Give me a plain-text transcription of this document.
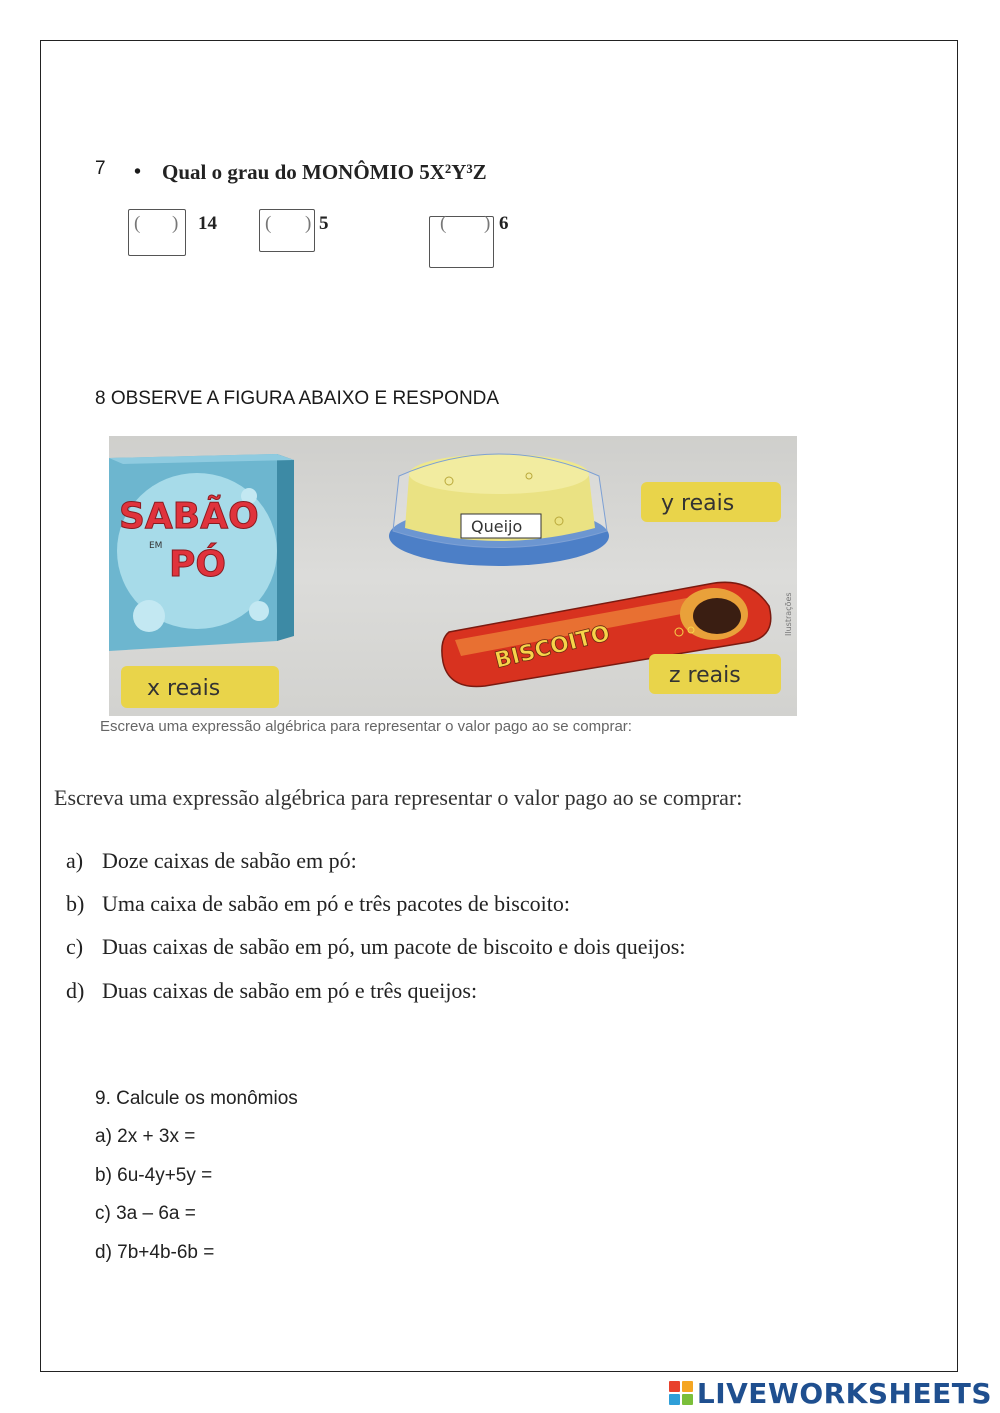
7 • Qual o grau do MONÔMIO 5X²Y³Z
( ) 14	( ) 5	( ) 6
8 OBSERVE A FIGURA ABAIXO E RESPONDA
SABÃO
EM PÓ
x reais
Queijo
y reais
BISCOITO
z reais
Ilustrações
Escreva uma expressão algébrica para representar o valor pago ao se comprar:
Escreva uma expressão algébrica para representar o valor pago ao se comprar:
a) Doze caixas de sabão em pó:
b) Uma caixa de sabão em pó e três pacotes de biscoito:
c) Duas caixas de sabão em pó, um pacote de biscoito e dois queijos:
d) Duas caixas de sabão em pó e três queijos:
9. Calcule os monômios
a) 2x + 3x =
b) 6u-4y+5y =
c) 3a – 6a =
d) 7b+4b-6b =
LIVEWORKSHEETS
